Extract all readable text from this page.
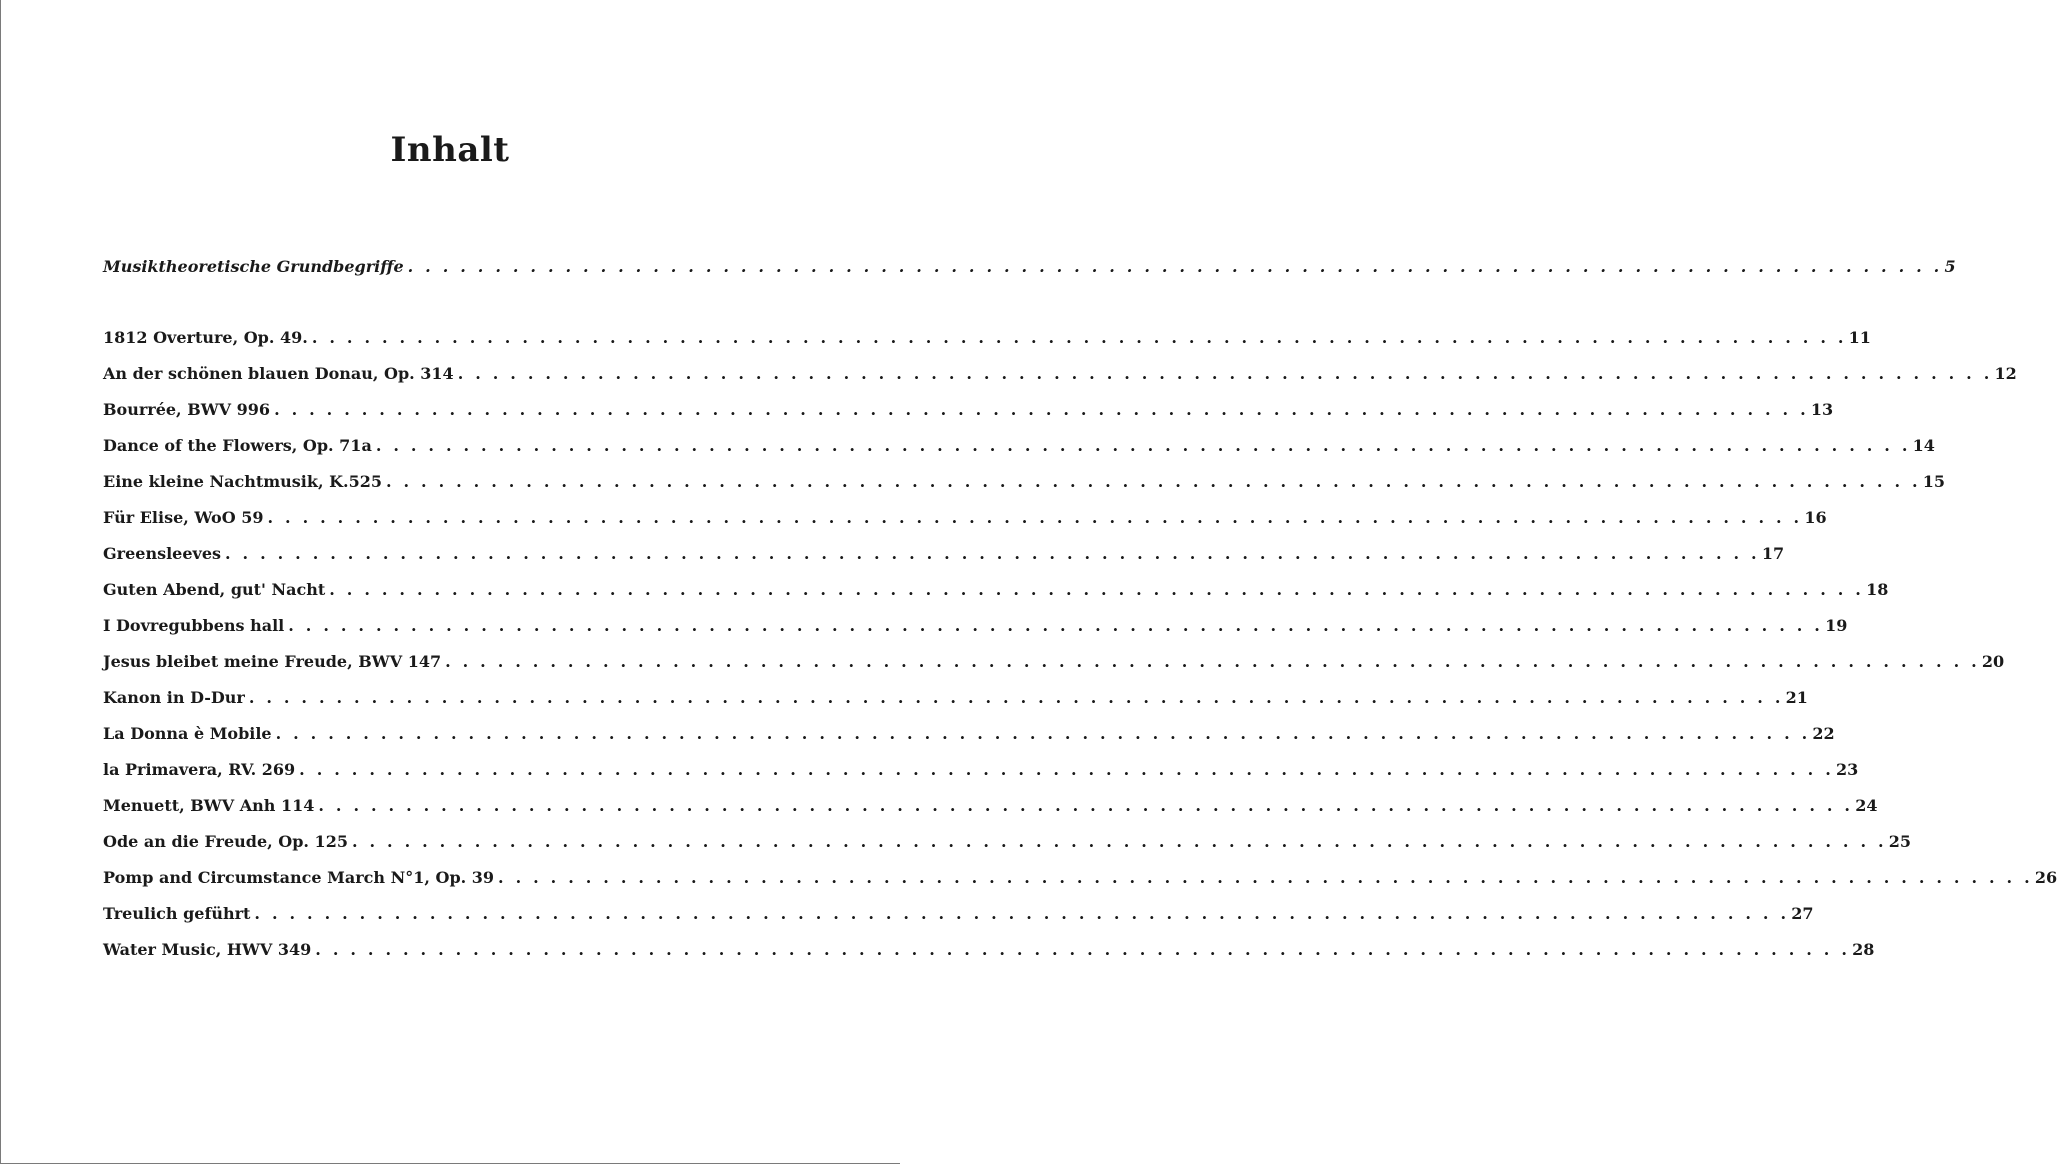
Inhalt
Musiktheoretische Grundbegriffe . . . . . . . . . . . . . . . . . . . . . . . . . . . . . . . . . . . . . . . . . . . . . . . . . . . . . . . . . . . . . . . . . . . . . . . . . . . . . . . . . . . . . . . . 5
1812 Overture, Op. 49. . . . . . . . . . . . . . . . . . . . . . . . . . . . . . . . . . . . . . . . . . . . . . . . . . . . . . . . . . . . . . . . . . . . . . . . . . . . . . . . . . . . . . . . . 11
An der schönen blauen Donau, Op. 314 . . . . . . . . . . . . . . . . . . . . . . . . . . . . . . . . . . . . . . . . . . . . . . . . . . . . . . . . . . . . . . . . . . . . . . . . . . . . . . . . . . . . . . . . 12
Bourrée, BWV 996 . . . . . . . . . . . . . . . . . . . . . . . . . . . . . . . . . . . . . . . . . . . . . . . . . . . . . . . . . . . . . . . . . . . . . . . . . . . . . . . . . . . . . . . . 13
Dance of the Flowers, Op. 71a . . . . . . . . . . . . . . . . . . . . . . . . . . . . . . . . . . . . . . . . . . . . . . . . . . . . . . . . . . . . . . . . . . . . . . . . . . . . . . . . . . . . . . . . 14
Eine kleine Nachtmusik, K.525 . . . . . . . . . . . . . . . . . . . . . . . . . . . . . . . . . . . . . . . . . . . . . . . . . . . . . . . . . . . . . . . . . . . . . . . . . . . . . . . . . . . . . . . . 15
Für Elise, WoO 59 . . . . . . . . . . . . . . . . . . . . . . . . . . . . . . . . . . . . . . . . . . . . . . . . . . . . . . . . . . . . . . . . . . . . . . . . . . . . . . . . . . . . . . . . 16
Greensleeves . . . . . . . . . . . . . . . . . . . . . . . . . . . . . . . . . . . . . . . . . . . . . . . . . . . . . . . . . . . . . . . . . . . . . . . . . . . . . . . . . . . . . . . . 17
Guten Abend, gut' Nacht . . . . . . . . . . . . . . . . . . . . . . . . . . . . . . . . . . . . . . . . . . . . . . . . . . . . . . . . . . . . . . . . . . . . . . . . . . . . . . . . . . . . . . . . 18
I Dovregubbens hall . . . . . . . . . . . . . . . . . . . . . . . . . . . . . . . . . . . . . . . . . . . . . . . . . . . . . . . . . . . . . . . . . . . . . . . . . . . . . . . . . . . . . . . . 19
Jesus bleibet meine Freude, BWV 147 . . . . . . . . . . . . . . . . . . . . . . . . . . . . . . . . . . . . . . . . . . . . . . . . . . . . . . . . . . . . . . . . . . . . . . . . . . . . . . . . . . . . . . . . 20
Kanon in D-Dur . . . . . . . . . . . . . . . . . . . . . . . . . . . . . . . . . . . . . . . . . . . . . . . . . . . . . . . . . . . . . . . . . . . . . . . . . . . . . . . . . . . . . . . . 21
La Donna è Mobile . . . . . . . . . . . . . . . . . . . . . . . . . . . . . . . . . . . . . . . . . . . . . . . . . . . . . . . . . . . . . . . . . . . . . . . . . . . . . . . . . . . . . . . . 22
la Primavera, RV. 269 . . . . . . . . . . . . . . . . . . . . . . . . . . . . . . . . . . . . . . . . . . . . . . . . . . . . . . . . . . . . . . . . . . . . . . . . . . . . . . . . . . . . . . . . 23
Menuett, BWV Anh 114 . . . . . . . . . . . . . . . . . . . . . . . . . . . . . . . . . . . . . . . . . . . . . . . . . . . . . . . . . . . . . . . . . . . . . . . . . . . . . . . . . . . . . . . . 24
Ode an die Freude, Op. 125 . . . . . . . . . . . . . . . . . . . . . . . . . . . . . . . . . . . . . . . . . . . . . . . . . . . . . . . . . . . . . . . . . . . . . . . . . . . . . . . . . . . . . . . . 25
Pomp and Circumstance March N°1, Op. 39 . . . . . . . . . . . . . . . . . . . . . . . . . . . . . . . . . . . . . . . . . . . . . . . . . . . . . . . . . . . . . . . . . . . . . . . . . . . . . . . . . . . . . . . . 26
Treulich geführt . . . . . . . . . . . . . . . . . . . . . . . . . . . . . . . . . . . . . . . . . . . . . . . . . . . . . . . . . . . . . . . . . . . . . . . . . . . . . . . . . . . . . . . . 27
Water Music, HWV 349 . . . . . . . . . . . . . . . . . . . . . . . . . . . . . . . . . . . . . . . . . . . . . . . . . . . . . . . . . . . . . . . . . . . . . . . . . . . . . . . . . . . . . . . . 28
